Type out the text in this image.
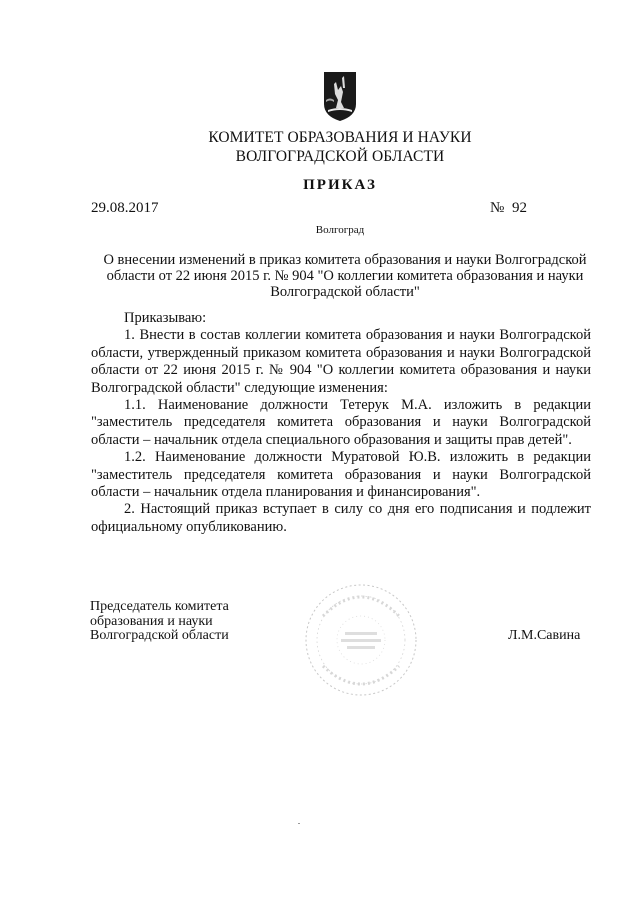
КОМИТЕТ ОБРАЗОВАНИЯ И НАУКИ
ВОЛГОГРАДСКОЙ ОБЛАСТИ
ПРИКАЗ
29.08.2017	№ 92
Волгоград
О внесении изменений в приказ комитета образования и науки Волгоградской
области от 22 июня 2015 г. № 904 "О коллегии комитета образования и науки
Волгоградской области"

Приказываю:

1. Внести в состав коллегии комитета образования и науки Волгоградской области, утвержденный приказом комитета образования и науки Волгоградской области от 22 июня 2015 г. № 904 "О коллегии комитета образования и науки Волгоградской области" следующие изменения:

1.1. Наименование должности Тетерук М.А. изложить в редакции "заместитель председателя комитета образования и науки Волгоградской области – начальник отдела специального образования и защиты прав детей".

1.2. Наименование должности Муратовой Ю.В. изложить в редакции "заместитель председателя комитета образования и науки Волгоградской области – начальник отдела планирования и финансирования".

2. Настоящий приказ вступает в силу со дня его подписания и подлежит официальному опубликованию.

Председатель комитета
образования и науки
Волгоградской области	Л.М.Савина
